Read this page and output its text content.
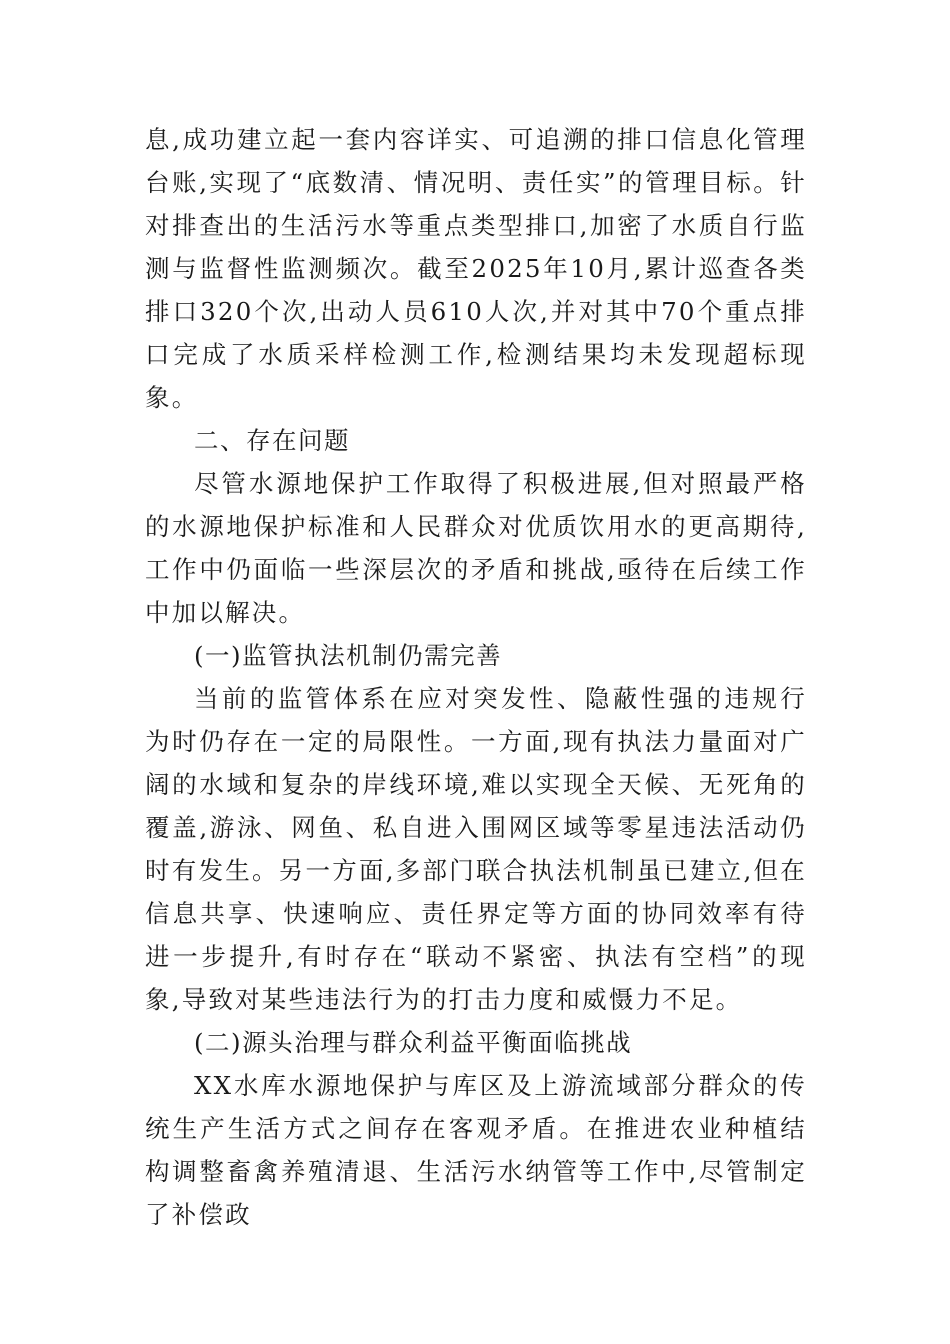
息,成功建立起一套内容详实、可追溯的排口信息化管理台账,实现了“底数清、情况明、责任实”的管理目标。针对排查出的生活污水等重点类型排口,加密了水质自行监测与监督性监测频次。截至2025年10月,累计巡查各类排口320个次,出动人员610人次,并对其中70个重点排口完成了水质采样检测工作,检测结果均未发现超标现象。

二、存在问题

尽管水源地保护工作取得了积极进展,但对照最严格的水源地保护标准和人民群众对优质饮用水的更高期待,工作中仍面临一些深层次的矛盾和挑战,亟待在后续工作中加以解决。

(一)监管执法机制仍需完善

当前的监管体系在应对突发性、隐蔽性强的违规行为时仍存在一定的局限性。一方面,现有执法力量面对广阔的水域和复杂的岸线环境,难以实现全天候、无死角的覆盖,游泳、网鱼、私自进入围网区域等零星违法活动仍时有发生。另一方面,多部门联合执法机制虽已建立,但在信息共享、快速响应、责任界定等方面的协同效率有待进一步提升,有时存在“联动不紧密、执法有空档”的现象,导致对某些违法行为的打击力度和威慑力不足。

(二)源头治理与群众利益平衡面临挑战

XX水库水源地保护与库区及上游流域部分群众的传统生产生活方式之间存在客观矛盾。在推进农业种植结构调整畜禽养殖清退、生活污水纳管等工作中,尽管制定了补偿政
